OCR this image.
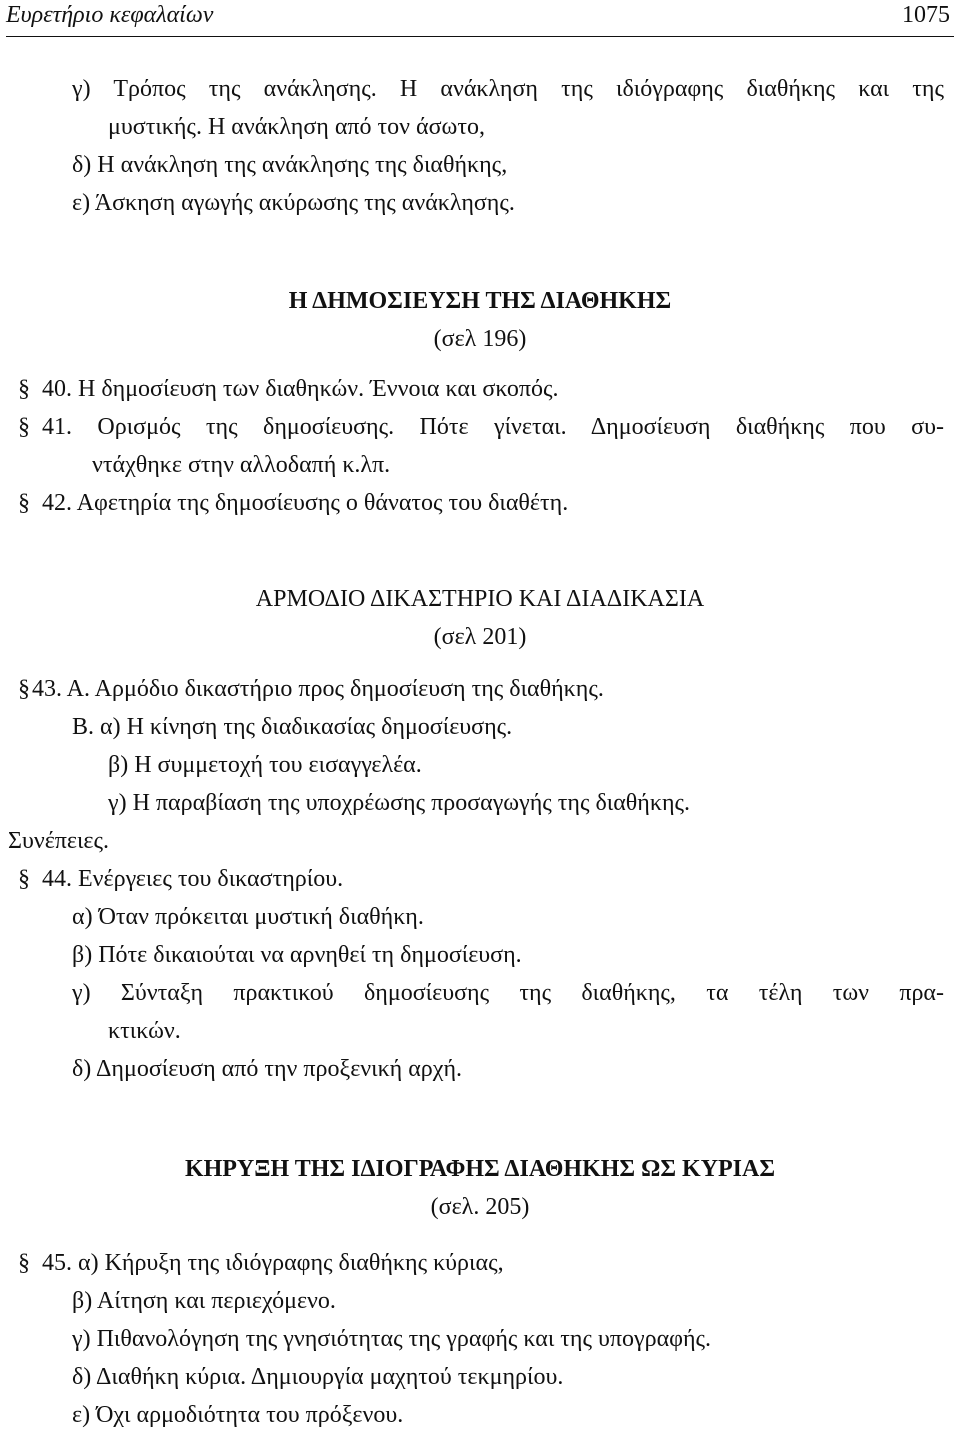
Ευρετήριο κεφαλαίων	1075
γ) Τρόπος της ανάκλησης. Η ανάκληση της ιδιόγραφης διαθήκης και της
μυστικής. Η ανάκληση από τον άσωτο,
δ) Η ανάκληση της ανάκλησης της διαθήκης,
ε) Άσκηση αγωγής ακύρωσης της ανάκλησης.
Η ΔΗΜΟΣΙΕΥΣΗ ΤΗΣ ΔΙΑΘΗΚΗΣ
(σελ 196)
§ 40. Η δημοσίευση των διαθηκών. Έννοια και σκοπός.
§ 41. Ορισμός της δημοσίευσης. Πότε γίνεται. Δημοσίευση διαθήκης που συ-
ντάχθηκε στην αλλοδαπή κ.λπ.
§ 42. Αφετηρία της δημοσίευσης ο θάνατος του διαθέτη.
ΑΡΜΟΔΙΟ ΔΙΚΑΣΤΗΡΙΟ ΚΑΙ ΔΙΑΔΙΚΑΣΙΑ
(σελ 201)
§43. Α. Αρμόδιο δικαστήριο προς δημοσίευση της διαθήκης.
Β. α) Η κίνηση της διαδικασίας δημοσίευσης.
β) Η συμμετοχή του εισαγγελέα.
γ) Η παραβίαση της υποχρέωσης προσαγωγής της διαθήκης.
Συνέπειες.
§ 44. Ενέργειες του δικαστηρίου.
α) Όταν πρόκειται μυστική διαθήκη.
β) Πότε δικαιούται να αρνηθεί τη δημοσίευση.
γ) Σύνταξη πρακτικού δημοσίευσης της διαθήκης, τα τέλη των πρα-
κτικών.
δ) Δημοσίευση από την προξενική αρχή.
ΚΗΡΥΞΗ ΤΗΣ ΙΔΙΟΓΡΑΦΗΣ ΔΙΑΘΗΚΗΣ ΩΣ ΚΥΡΙΑΣ
(σελ. 205)
§ 45. α) Κήρυξη της ιδιόγραφης διαθήκης κύριας,
β) Αίτηση και περιεχόμενο.
γ) Πιθανολόγηση της γνησιότητας της γραφής και της υπογραφής.
δ) Διαθήκη κύρια. Δημιουργία μαχητού τεκμηρίου.
ε) Όχι αρμοδιότητα του πρόξενου.
